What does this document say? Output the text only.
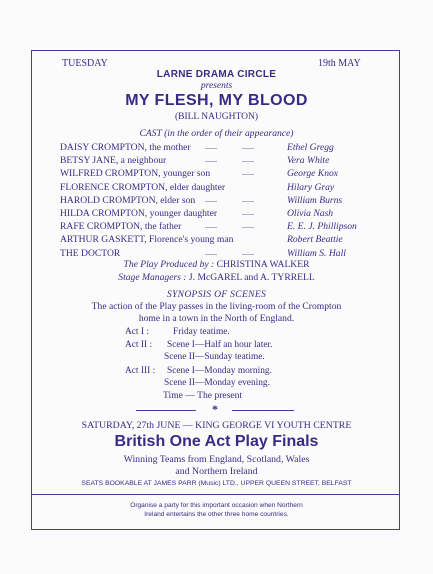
TUESDAY	19th MAY
LARNE DRAMA CIRCLE
presents
MY FLESH, MY BLOOD
(BILL NAUGHTON)
CAST (in the order of their appearance)
DAISY CROMPTON, the mother ......	......	Ethel Gregg
BETSY JANE, a neighbour	......	......	Vera White
WILFRED CROMPTON, younger son	......	George Knox
FLORENCE CROMPTON, elder daughter	Hilary Gray
HAROLD CROMPTON, elder son ......	......	William Burns
HILDA CROMPTON, younger daughter	......	Olivia Nash
RAFE CROMPTON, the father	......	......	E. E. J. Phillipson
ARTHUR GASKETT, Florence's young man	Robert Beattie
THE DOCTOR	......	......	William S. Hall
The Play Produced by : CHRISTINA WALKER
Stage Managers : J. McGAREL and A. TYRRELL
SYNOPSIS OF SCENES
The action of the Play passes in the living-room of the Crompton
home in a town in the North of England.
Act I :	Friday teatime.
Act II : Scene I—Half an hour later.
Scene II—Sunday teatime.
Act III : Scene I—Monday morning.
Scene II—Monday evening.
Time — The present
*
SATURDAY, 27th JUNE — KING GEORGE VI YOUTH CENTRE
British One Act Play Finals
Winning Teams from England, Scotland, Wales
and Northern Ireland
SEATS BOOKABLE AT JAMES PARR (Music) LTD., UPPER QUEEN STREET, BELFAST
Organise a party for this important occasion when Northern
Ireland entertains the other three home countries.
